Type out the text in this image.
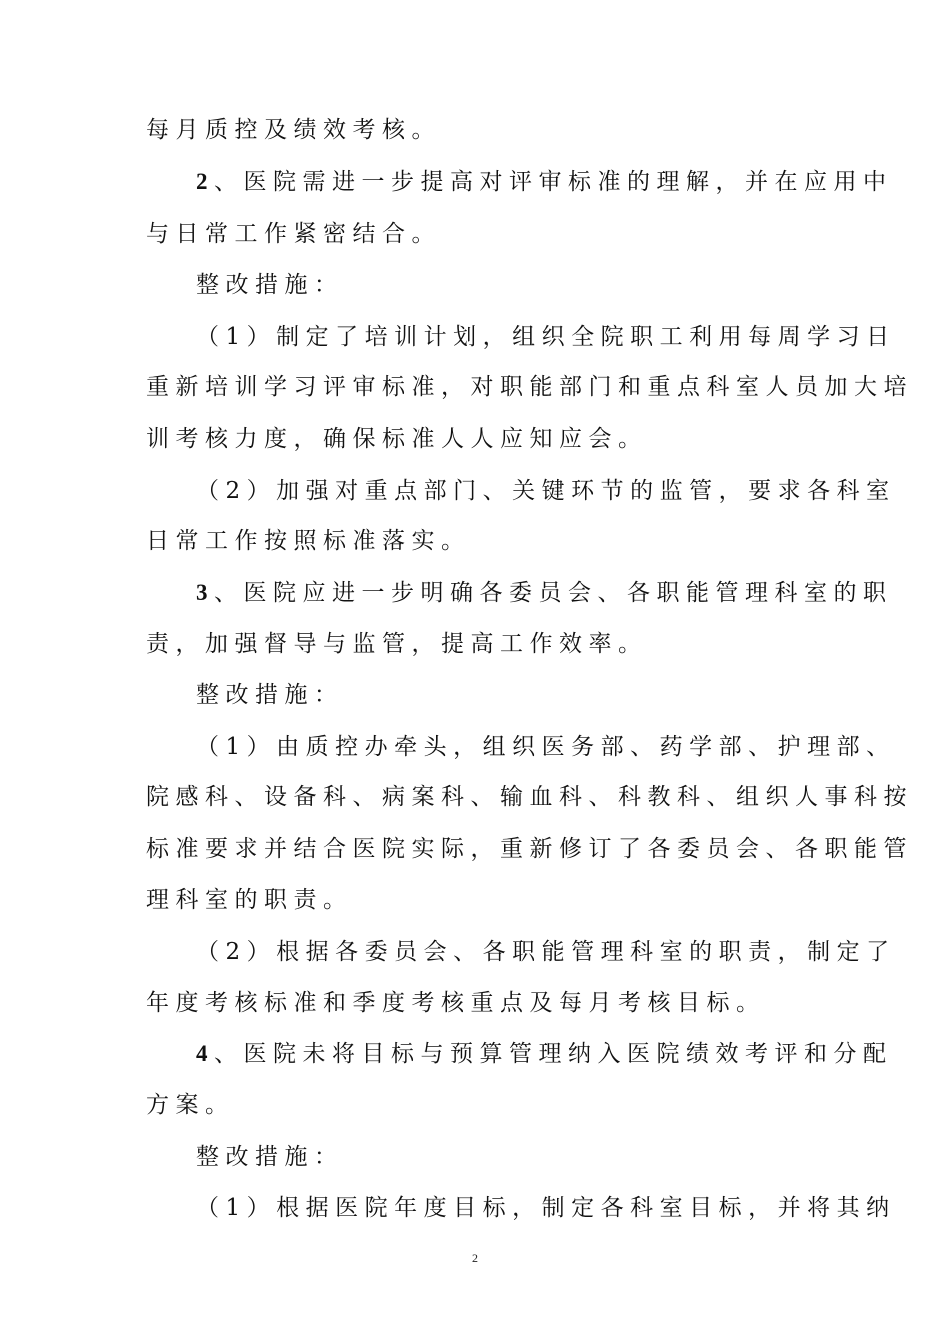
每月质控及绩效考核。
2、医院需进一步提高对评审标准的理解，并在应用中
与日常工作紧密结合。
整改措施：
（1）制定了培训计划，组织全院职工利用每周学习日
重新培训学习评审标准，对职能部门和重点科室人员加大培
训考核力度，确保标准人人应知应会。
（2）加强对重点部门、关键环节的监管，要求各科室
日常工作按照标准落实。
3、医院应进一步明确各委员会、各职能管理科室的职
责，加强督导与监管，提高工作效率。
整改措施：
（1）由质控办牵头，组织医务部、药学部、护理部、
院感科、设备科、病案科、输血科、科教科、组织人事科按
标准要求并结合医院实际，重新修订了各委员会、各职能管
理科室的职责。
（2）根据各委员会、各职能管理科室的职责，制定了
年度考核标准和季度考核重点及每月考核目标。
4、医院未将目标与预算管理纳入医院绩效考评和分配
方案。
整改措施：
（1）根据医院年度目标，制定各科室目标，并将其纳
2
